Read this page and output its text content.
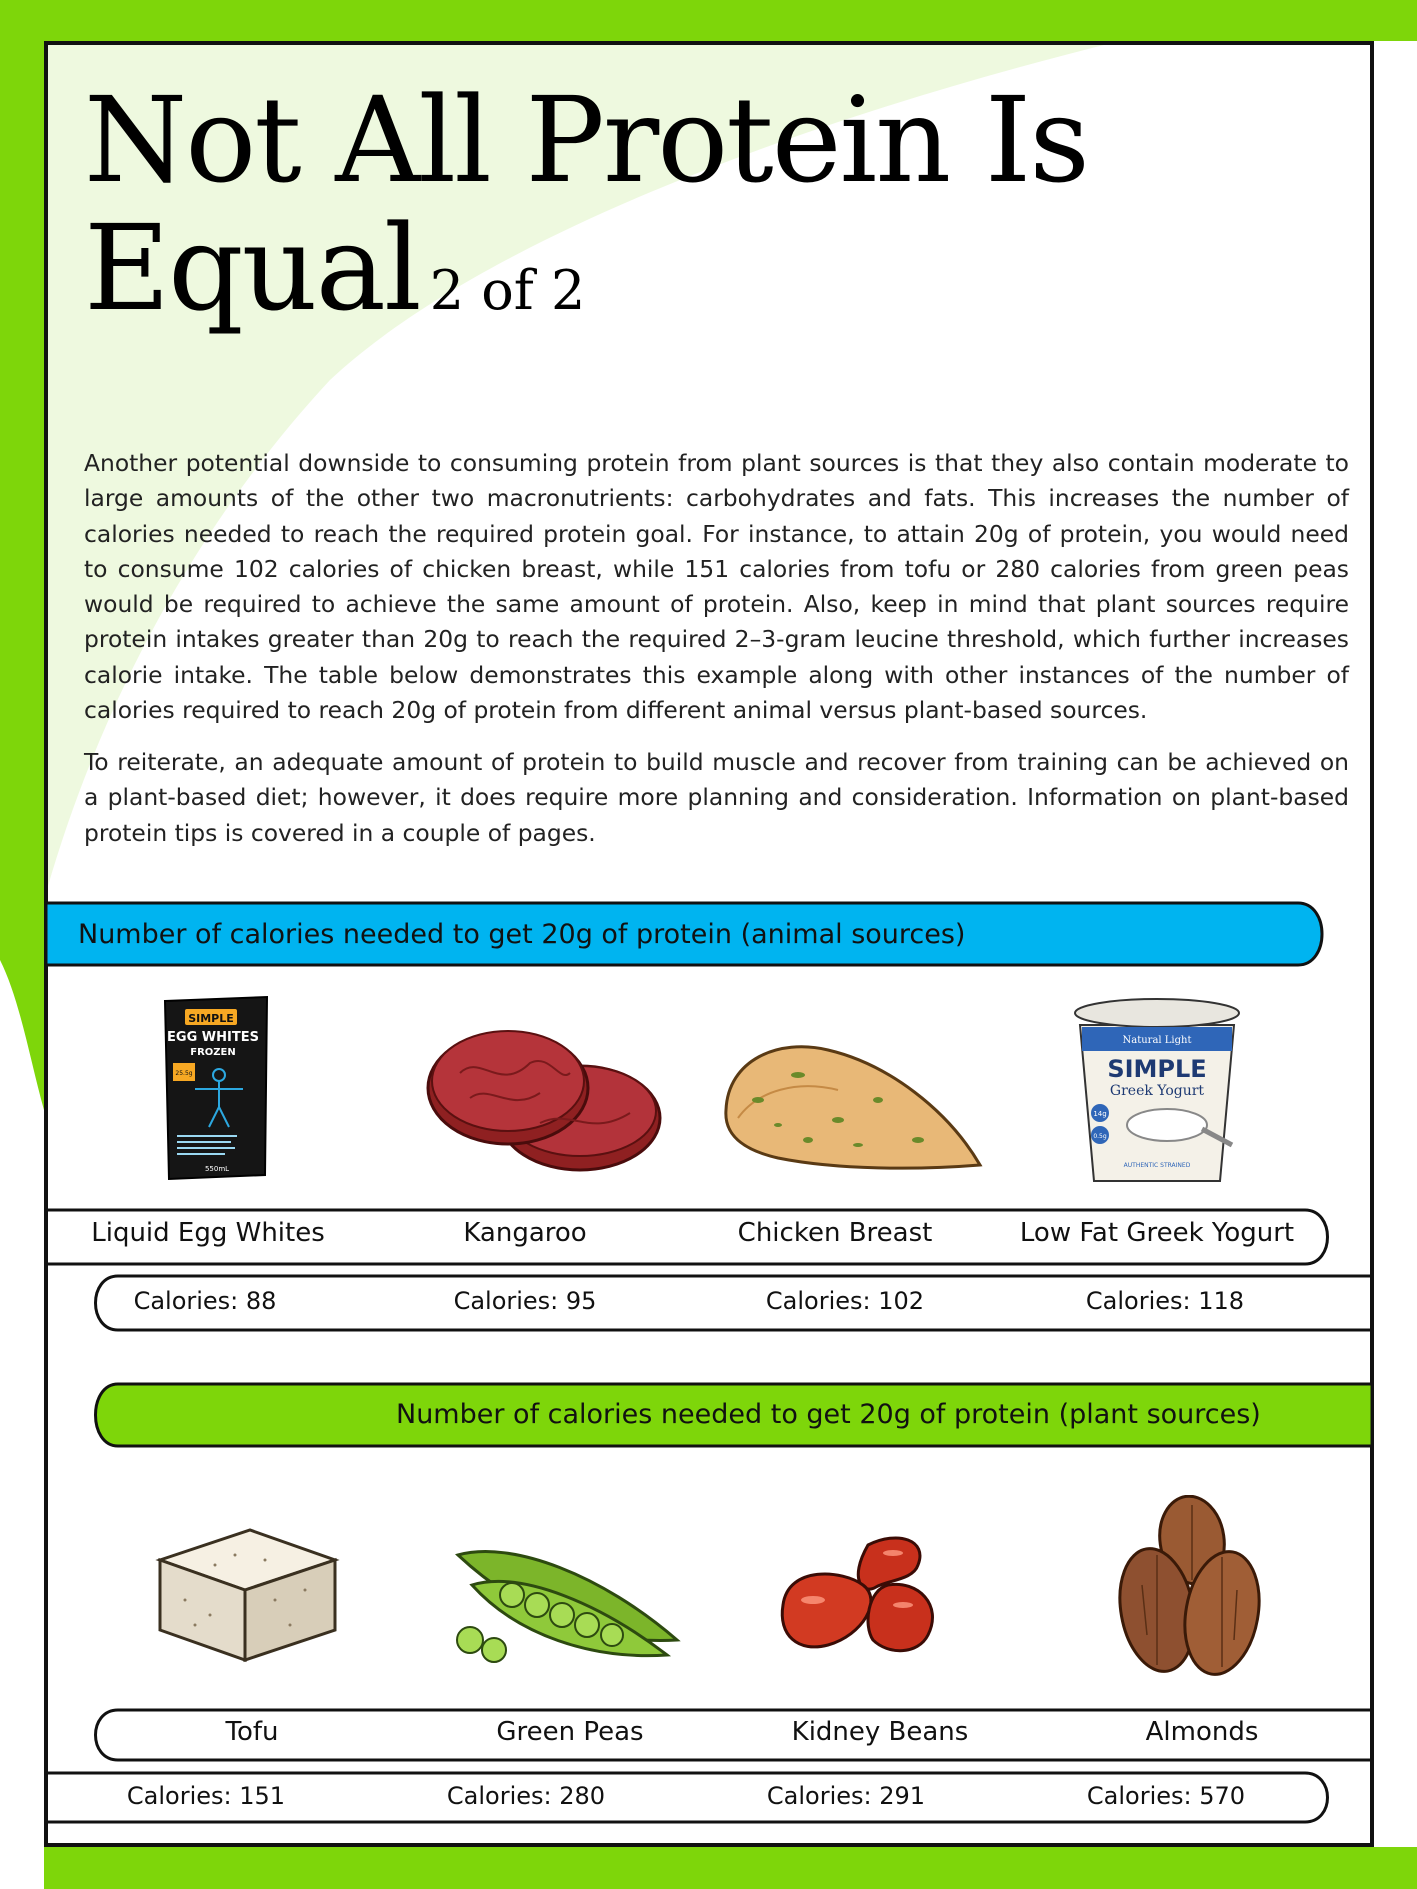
Not All Protein Is
Equal 2 of 2

Another potential downside to consuming protein from plant sources is that they also contain moderate to large amounts of the other two macronutrients: carbohydrates and fats. This increases the number of calories needed to reach the required protein goal. For instance, to attain 20g of protein, you would need to consume 102 calories of chicken breast, while 151 calories from tofu or 280 calories from green peas would be required to achieve the same amount of protein. Also, keep in mind that plant sources require protein intakes greater than 20g to reach the required 2–3-gram leucine threshold, which further increases calorie intake. The table below demonstrates this example along with other instances of the number of calories required to reach 20g of protein from different animal versus plant-based sources.

To reiterate, an adequate amount of protein to build muscle and recover from training can be achieved on a plant-based diet; however, it does require more planning and consideration. Information on plant-based protein tips is covered in a couple of pages.

Number of calories needed to get 20g of protein (animal sources)
Number of calories needed to get 20g of protein (plant sources)
SIMPLE
EGG WHITES
FROZEN
25.5g
550mL
Natural Light
SIMPLE
Greek Yogurt
14g
0.5g
AUTHENTIC STRAINED
Liquid Egg Whites	Kangaroo	Chicken Breast	Low Fat Greek Yogurt
Calories: 88	Calories: 95	Calories: 102	Calories: 118
Tofu	Green Peas	Kidney Beans	Almonds
Calories: 151	Calories: 280	Calories: 291	Calories: 570
